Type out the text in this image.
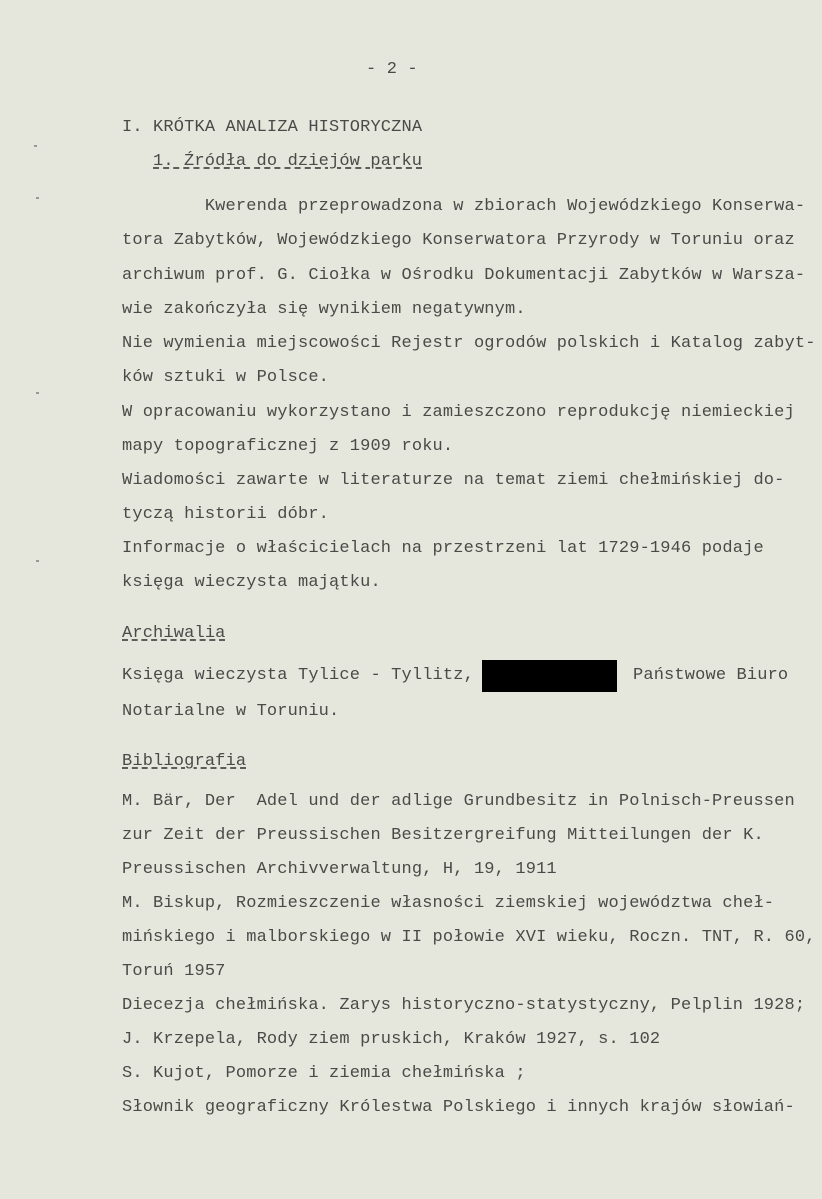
- 2 -
I. KRÓTKA ANALIZA HISTORYCZNA
1. Źródła do dziejów parku
Kwerenda przeprowadzona w zbiorach Wojewódzkiego Konserwa-
tora Zabytków, Wojewódzkiego Konserwatora Przyrody w Toruniu oraz
archiwum prof. G. Ciołka w Ośrodku Dokumentacji Zabytków w Warsza-
wie zakończyła się wynikiem negatywnym.
Nie wymienia miejscowości Rejestr ogrodów polskich i Katalog zabyt-
ków sztuki w Polsce.
W opracowaniu wykorzystano i zamieszczono reprodukcję niemieckiej
mapy topograficznej z 1909 roku.
Wiadomości zawarte w literaturze na temat ziemi chełmińskiej do-
tyczą historii dóbr.
Informacje o właścicielach na przestrzeni lat 1729-1946 podaje
księga wieczysta majątku.
Archiwalia
Księga wieczysta Tylice - Tyllitz,	Państwowe Biuro
Notarialne w Toruniu.
Bibliografia
M. Bär, Der  Adel und der adlige Grundbesitz in Polnisch-Preussen
zur Zeit der Preussischen Besitzergreifung Mitteilungen der K.
Preussischen Archivverwaltung, H, 19, 1911
M. Biskup, Rozmieszczenie własności ziemskiej województwa cheł-
mińskiego i malborskiego w II połowie XVI wieku, Roczn. TNT, R. 60,
Toruń 1957
Diecezja chełmińska. Zarys historyczno-statystyczny, Pelplin 1928;
J. Krzepela, Rody ziem pruskich, Kraków 1927, s. 102
S. Kujot, Pomorze i ziemia chełmińska ;
Słownik geograficzny Królestwa Polskiego i innych krajów słowiań-
